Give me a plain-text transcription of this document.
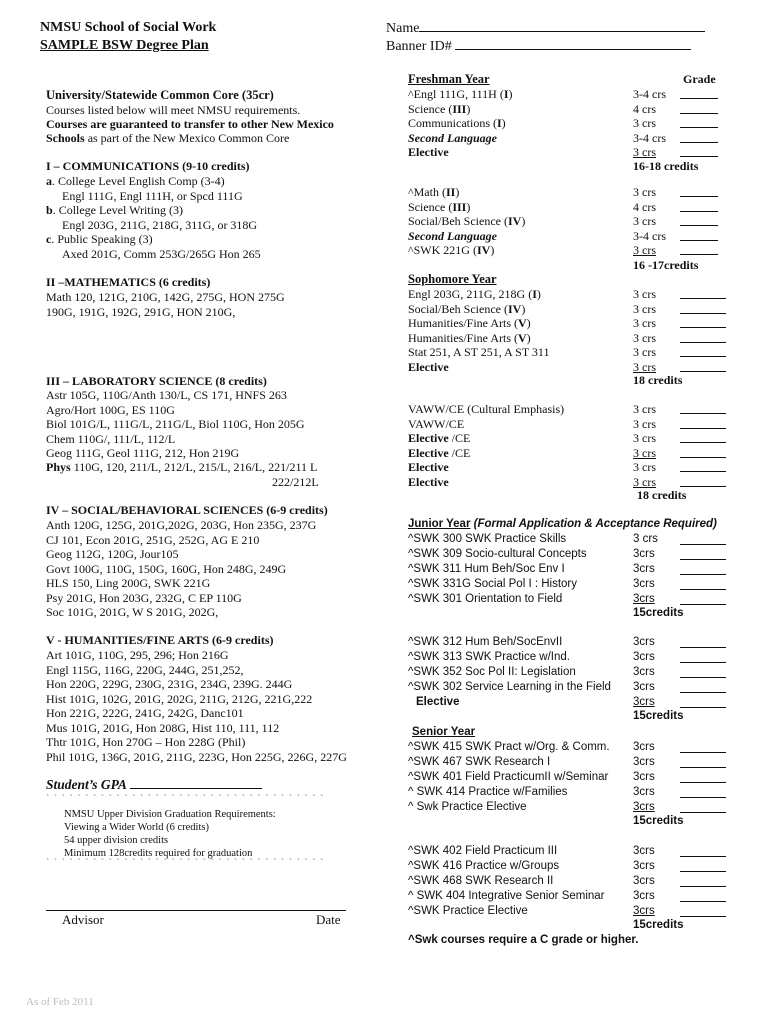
NMSU School of Social Work
SAMPLE BSW Degree Plan
Name
Banner ID#
University/Statewide Common Core (35cr)
Courses listed below will meet NMSU requirements.
Courses are guaranteed to transfer to other New Mexico
Schools as part of the New Mexico Common Core
I – COMMUNICATIONS (9-10 credits)
a. College Level English Comp (3-4)
Engl 111G, Engl 111H, or Spcd 111G
b. College Level Writing (3)
Engl 203G, 211G, 218G, 311G, or 318G
c. Public Speaking (3)
Axed 201G, Comm 253G/265G Hon 265
II –MATHEMATICS (6 credits)
Math 120, 121G, 210G, 142G, 275G, HON 275G
190G, 191G, 192G, 291G, HON 210G,
III – LABORATORY SCIENCE (8 credits)
Astr 105G, 110G/Anth 130/L, CS 171, HNFS 263
Agro/Hort 100G, ES 110G
Biol 101G/L, 111G/L, 211G/L, Biol 110G, Hon 205G
Chem 110G/, 111/L, 112/L
Geog 111G, Geol 111G, 212, Hon 219G
Phys 110G, 120, 211/L, 212/L, 215/L, 216/L, 221/211 L
222/212L
IV – SOCIAL/BEHAVIORAL SCIENCES (6-9 credits)
Anth 120G, 125G, 201G,202G, 203G, Hon 235G, 237G
CJ 101, Econ 201G, 251G, 252G, AG E 210
Geog 112G, 120G, Jour105
Govt 100G, 110G, 150G, 160G, Hon 248G, 249G
HLS 150, Ling 200G, SWK 221G
Psy 201G, Hon 203G, 232G, C EP 110G
Soc 101G, 201G, W S 201G, 202G,
V - HUMANITIES/FINE ARTS (6-9 credits)
Art 101G, 110G, 295, 296; Hon 216G
Engl 115G, 116G, 220G, 244G, 251,252,
Hon 220G, 229G, 230G, 231G, 234G, 239G. 244G
Hist 101G, 102G, 201G, 202G, 211G, 212G, 221G,222
Hon 221G, 222G, 241G, 242G, Danc101
Mus 101G, 201G, Hon 208G, Hist 110, 111, 112
Thtr 101G, Hon 270G – Hon 228G (Phil)
Phil 101G, 136G, 201G, 211G, 223G, Hon 225G, 226G, 227G
Student’s GPA
` ` ` ` ` ` ` ` ` ` ` ` ` ` ` ` ` ` ` ` ` ` ` ` ` ` ` ` ` ` ` ` ` ` ` `
NMSU Upper Division Graduation Requirements:
Viewing a Wider World (6 credits)
54 upper division credits
Minimum 128credits required for graduation
` ` ` ` ` ` ` ` ` ` ` ` ` ` ` ` ` ` ` ` ` ` ` ` ` ` ` ` ` ` ` ` ` ` ` `
Advisor	Date
As of Feb 2011
Freshman Year	Grade
^Engl 111G, 111H (I)	3-4 crs
Science (III)	4 crs
Communications (I)	3 crs
Second Language	3-4 crs
Elective	3 crs
16-18 credits
^Math (II)	3 crs
Science (III)	4 crs
Social/Beh Science (IV)	3 crs
Second Language	3-4 crs
^SWK 221G (IV)	3 crs
16 -17credits
Sophomore Year
Engl 203G, 211G, 218G (I)	3 crs
Social/Beh Science (IV)	3 crs
Humanities/Fine Arts (V)	3 crs
Humanities/Fine Arts (V)	3 crs
Stat 251, A ST 251, A ST 311	3 crs
Elective	3 crs
18 credits
VAWW/CE (Cultural Emphasis)	3 crs
VAWW/CE	3 crs
Elective /CE	3 crs
Elective /CE	3 crs
Elective	3 crs
Elective	3 crs
18 credits
Junior Year (Formal Application & Acceptance Required)
^SWK 300 SWK Practice Skills	3 crs
^SWK 309 Socio-cultural Concepts	3crs
^SWK 311 Hum Beh/Soc Env I	3crs
^SWK 331G Social Pol I : History	3crs
^SWK 301 Orientation to Field	3crs
15credits
^SWK 312 Hum Beh/SocEnvII	3crs
^SWK 313 SWK Practice w/Ind.	3crs
^SWK 352 Soc Pol II: Legislation	3crs
^SWK 302 Service Learning in the Field 3crs
Elective	3crs
15credits
Senior Year
^SWK 415 SWK Pract w/Org. & Comm. 3crs
^SWK 467 SWK Research I	3crs
^SWK 401 Field PracticumII w/Seminar 3crs
^ SWK 414 Practice w/Families	3crs
^ Swk Practice Elective	3crs
15credits
^SWK 402 Field Practicum III	3crs
^SWK 416 Practice w/Groups	3crs
^SWK 468 SWK Research II	3crs
^ SWK 404 Integrative Senior Seminar 3crs
^SWK Practice Elective	3crs
15credits
^Swk courses require a C grade or higher.
